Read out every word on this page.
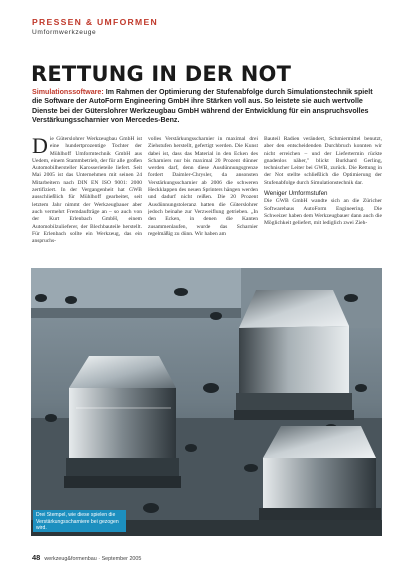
PRESSEN & UMFORMEN
Umformwerkzeuge
RETTUNG IN DER NOT
Simulationssoftware: Im Rahmen der Optimierung der Stufenabfolge durch Simulationstechnik spielt die Software der AutoForm Engineering GmbH ihre Stärken voll aus. So leistete sie auch wertvolle Dienste bei der Güterslohrer Werkzeugbau GmbH während der Entwicklung für ein anspruchsvolles Verstärkungsscharnier von Mercedes-Benz.
Die Güterslohrer Werkzeugbau GmbH ist eine hundertprozentige Tochter der Mühlhoff Umformtechnik GmbH aus Uedem, einem Stammbetrieb, der für alle großen Automobilhersteller Karosserieteile liefert. Seit Mai 2005 ist das Unternehmen mit seinen 24 Mitarbeitern nach DIN EN ISO 9001: 2000 zertifiziert. In der Vergangenheit hat GWB ausschließlich für Mühlhoff gearbeitet, seit letztem Jahr nimmt der Werkzeugbauer aber auch vermehrt Fremdaufträge an – so auch von der Kurt Erlenbach GmbH, einem Automobilzulieferer, der Blechbauteile herstellt. Für Erlenbach sollte ein Werkzeug, das ein anspruchs-
volles Verstärkungsscharnier in maximal drei Ziehstufen herstellt, gefertigt werden. Die Kunst dabei ist, dass das Material in den Ecken des Scharniers nur bis maximal 20 Prozent dünner werden darf, denn diese Ausdünnungsgrenze fordert Daimler-Chrysler, da ansonsten Verstärkungsscharnier ab 2006 die schweren Heckklappen des neuen Sprinters hängen werden und dadurf nicht reißen. Die 20 Prozent Ausdünnungstoleranz hatten die Güterslohrer jedoch beinahe zur Verzweiflung getrieben. „In den Ecken, in denen die Kanten zusammenlaufen, wurde das Scharnier regelmäßig zu dünn. Wir haben am
Bauteil Radien verändert, Schmiermittel benutzt, aber den entscheidenden Durchbruch konnten wir nicht erreichen – und der Liefertermin rückte gnadenlos näher," blickt Burkhard Gerling, technischer Leiter bei GWB, zurück. Die Rettung in der Not stellte schließlich die Optimierung der Stufenabfolge durch Simulationstechnik dar.
Weniger Umformstufen
Die GWB GmbH wandte sich an die Züricher Softwarehaus AutoForm Engineering. Die Schweizer haben dem Werkzeugbauer dann auch die Möglichkeit geliefert, mit lediglich zwei Zieh-
Drei Stempel, wie diese spielen die Verstärkungsscharniere bei gezogen wird.
48 werkzeug&formenbau · September 2005
